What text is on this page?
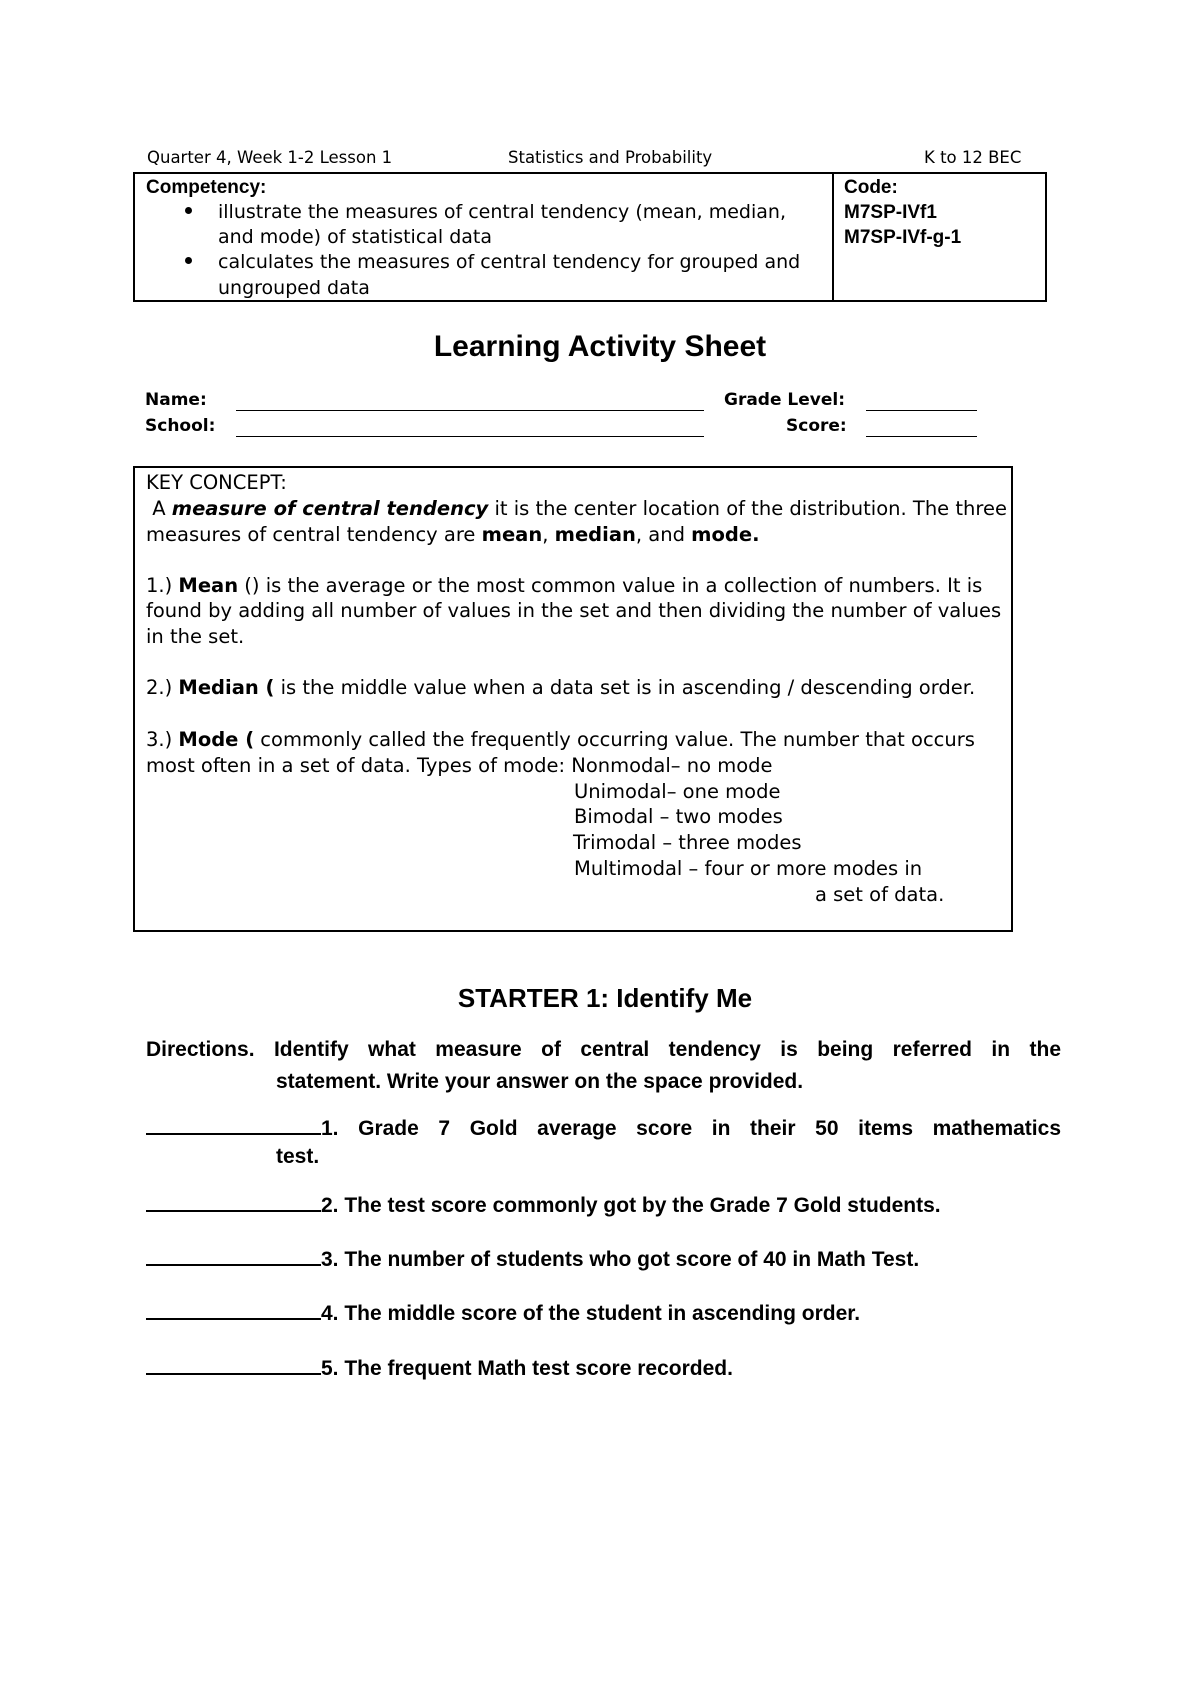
Quarter 4, Week 1-2 Lesson 1	Statistics and Probability	K to 12 BEC
Competency:
illustrate the measures of central tendency (mean, median,
and mode) of statistical data
calculates the measures of central tendency for grouped and
ungrouped data
Code:
M7SP-IVf1
M7SP-IVf-g-1
Learning Activity Sheet
Name:
School:
Grade Level:
Score:
KEY CONCEPT:
A measure of central tendency it is the center location of the distribution. The three
measures of central tendency are mean, median, and mode.
1.) Mean () is the average or the most common value in a collection of numbers. It is
found by adding all number of values in the set and then dividing the number of values
in the set.
2.) Median ( is the middle value when a data set is in ascending / descending order.
3.) Mode ( commonly called the frequently occurring value. The number that occurs
most often in a set of data. Types of mode: Nonmodal– no mode
Unimodal– one mode
Bimodal – two modes
Trimodal – three modes
Multimodal – four or more modes in
a set of data.
STARTER 1: Identify Me
Directions. Identify what measure of central tendency is being referred in the
statement. Write your answer on the space provided.
1. Grade 7 Gold average score in their 50 items mathematics
test.
2. The test score commonly got by the Grade 7 Gold students.
3. The number of students who got score of 40 in Math Test.
4. The middle score of the student in ascending order.
5. The frequent Math test score recorded.
